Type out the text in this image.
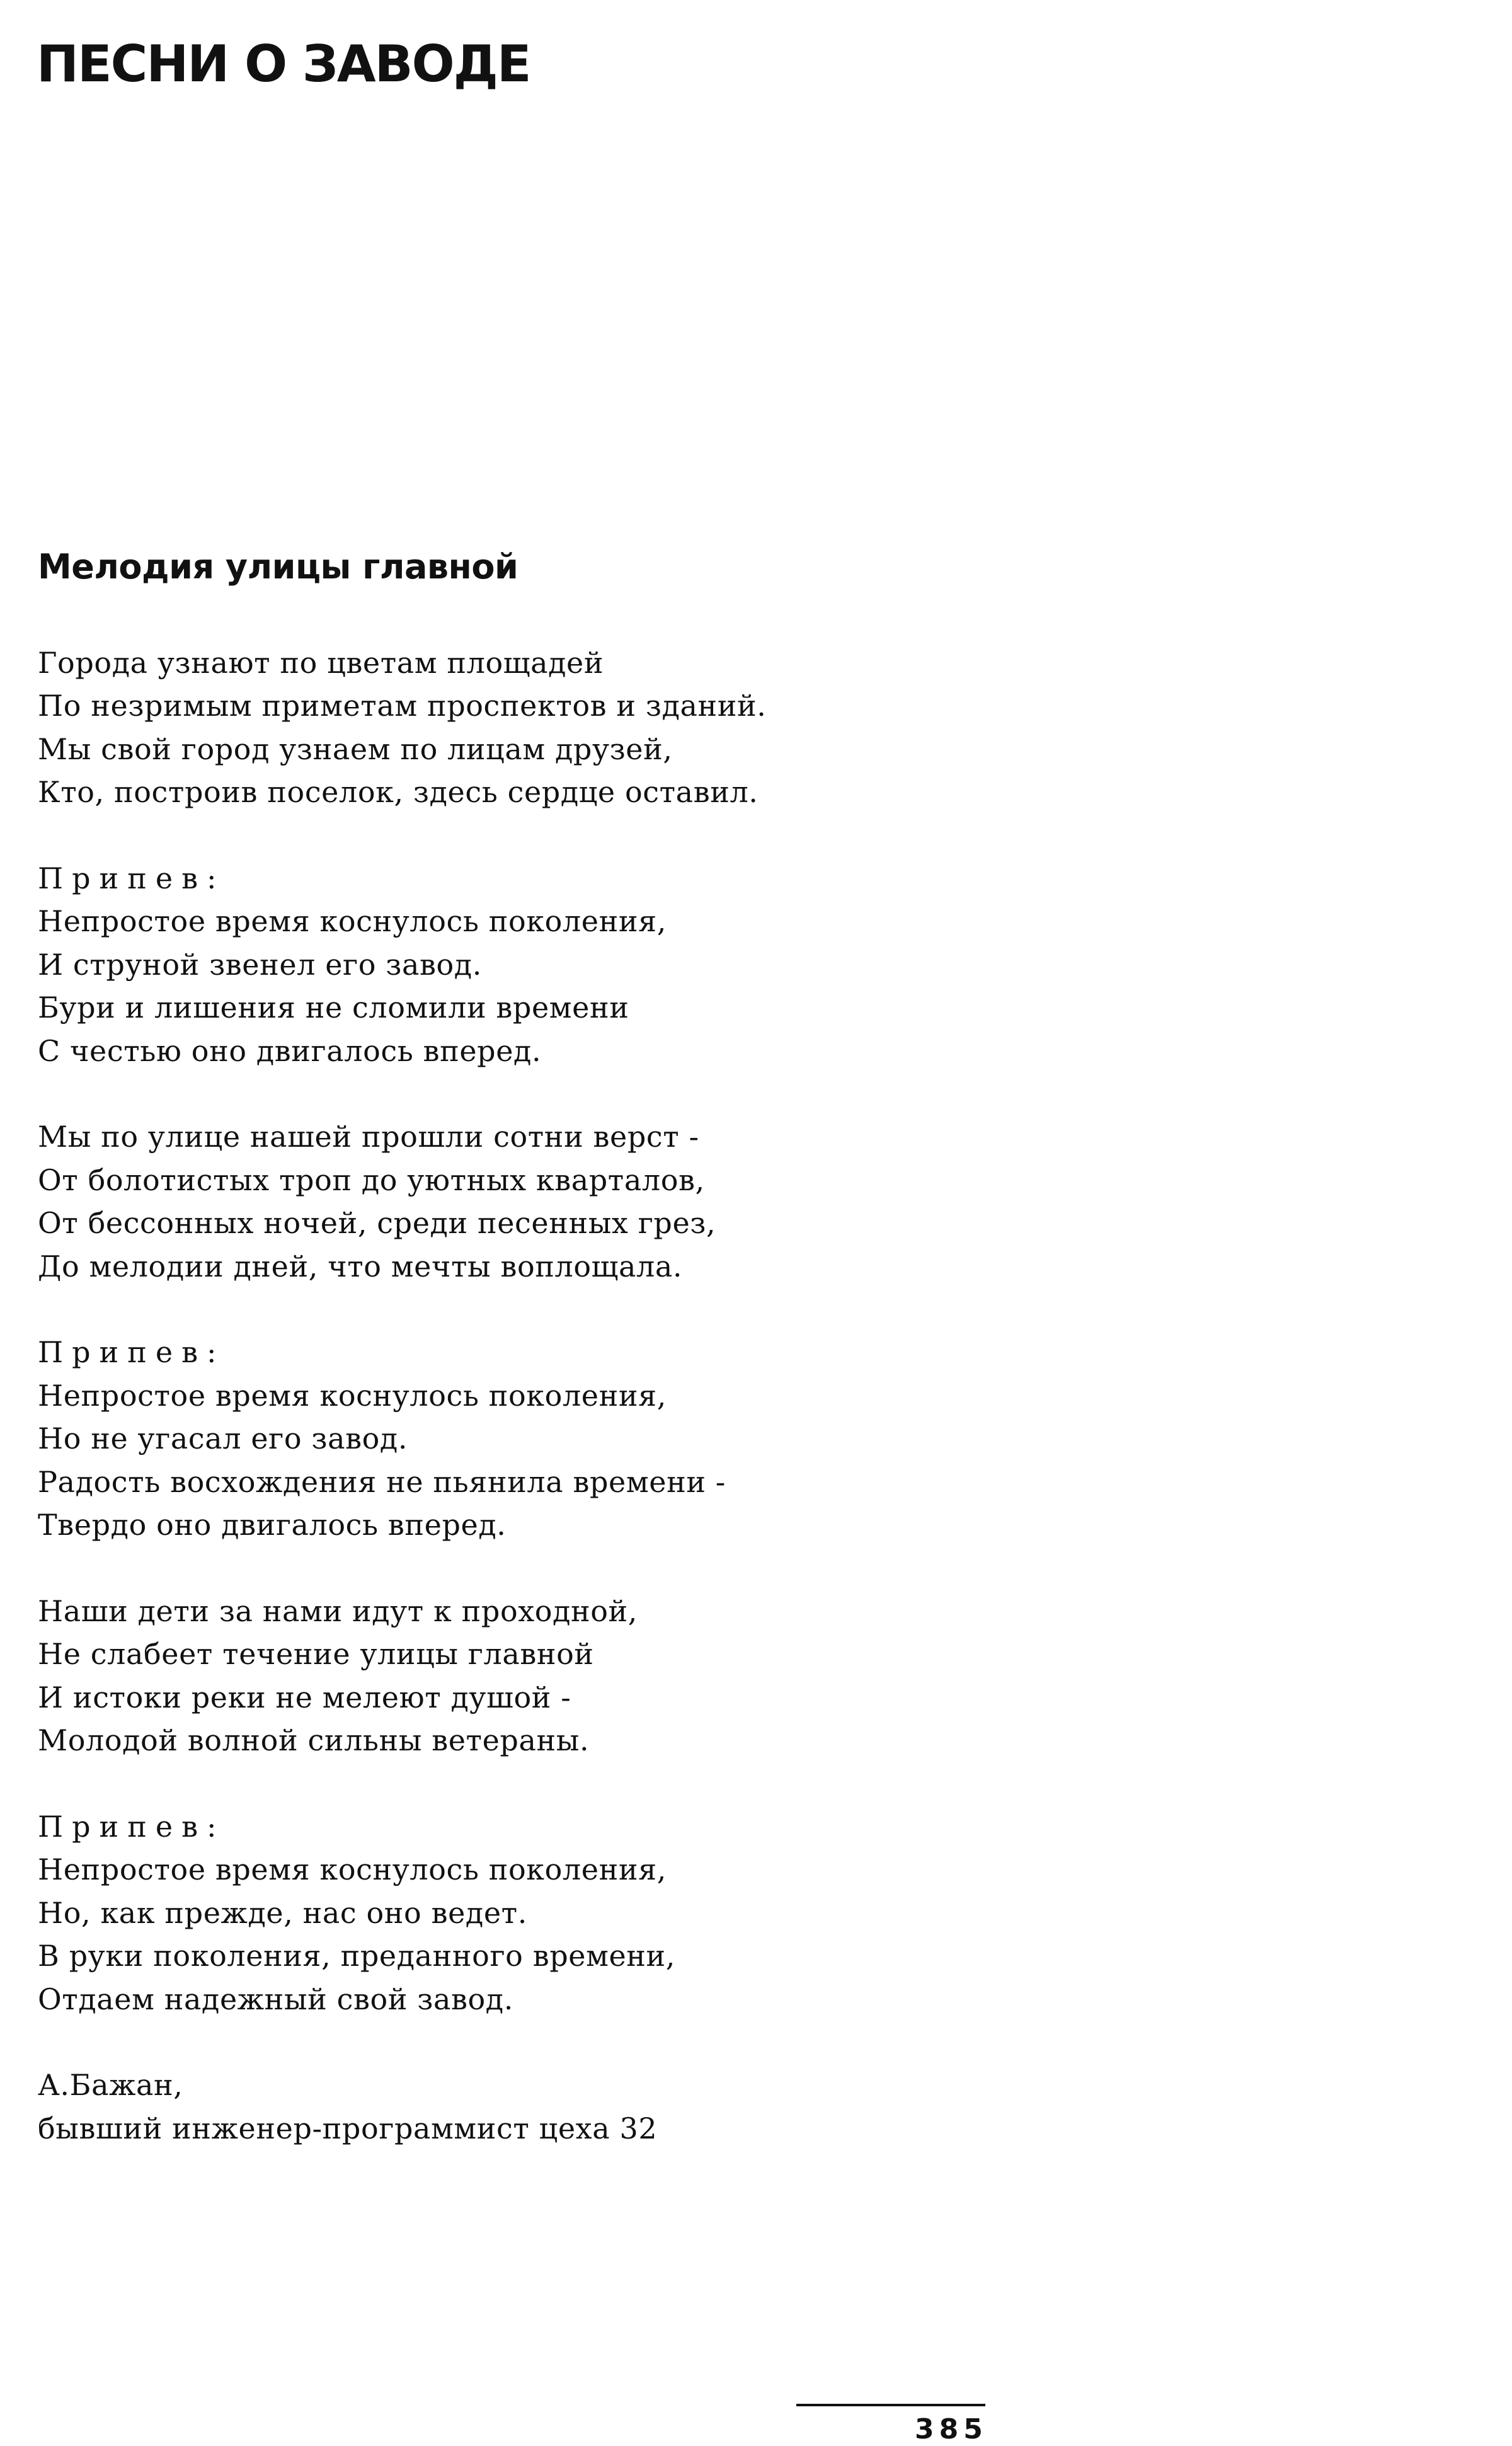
ПЕСНИ О ЗАВОДЕ
Мелодия улицы главной
Города узнают по цветам площадей
По незримым приметам проспектов и зданий.
Мы свой город узнаем по лицам друзей,
Кто, построив поселок, здесь сердце оставил.
Припев:
Непростое время коснулось поколения,
И струной звенел его завод.
Бури и лишения не сломили времени
С честью оно двигалось вперед.
Мы по улице нашей прошли сотни верст -
От болотистых троп до уютных кварталов,
От бессонных ночей, среди песенных грез,
До мелодии дней, что мечты воплощала.
Припев:
Непростое время коснулось поколения,
Но не угасал его завод.
Радость восхождения не пьянила времени -
Твердо оно двигалось вперед.
Наши дети за нами идут к проходной,
Не слабеет течение улицы главной
И истоки реки не мелеют душой -
Молодой волной сильны ветераны.
Припев:
Непростое время коснулось поколения,
Но, как прежде, нас оно ведет.
В руки поколения, преданного времени,
Отдаем надежный свой завод.
А.Бажан,
бывший инженер-программист цеха 32

385
